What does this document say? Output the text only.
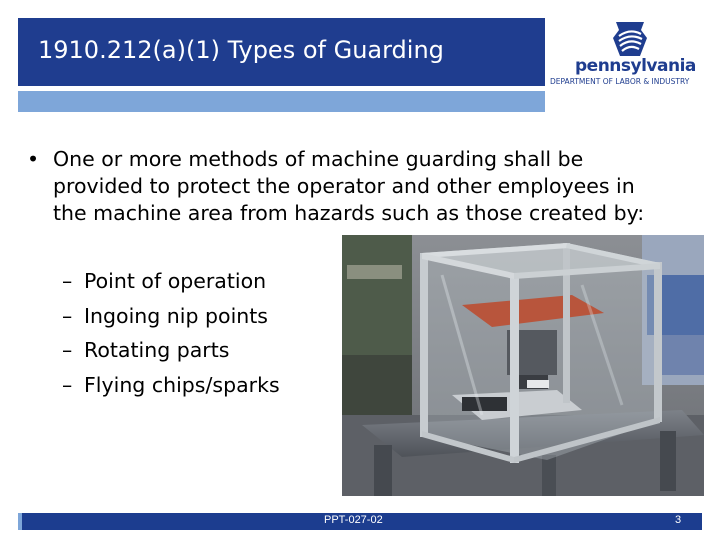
1910.212(a)(1) Types of Guarding
pennsylvania
DEPARTMENT OF LABOR & INDUSTRY
• One or more methods of machine guarding shall be provided to protect the operator and other employees in the machine area from hazards such as those created by:
– Point of operation
– Ingoing nip points
– Rotating parts
– Flying chips/sparks
PPT-027-02	3
